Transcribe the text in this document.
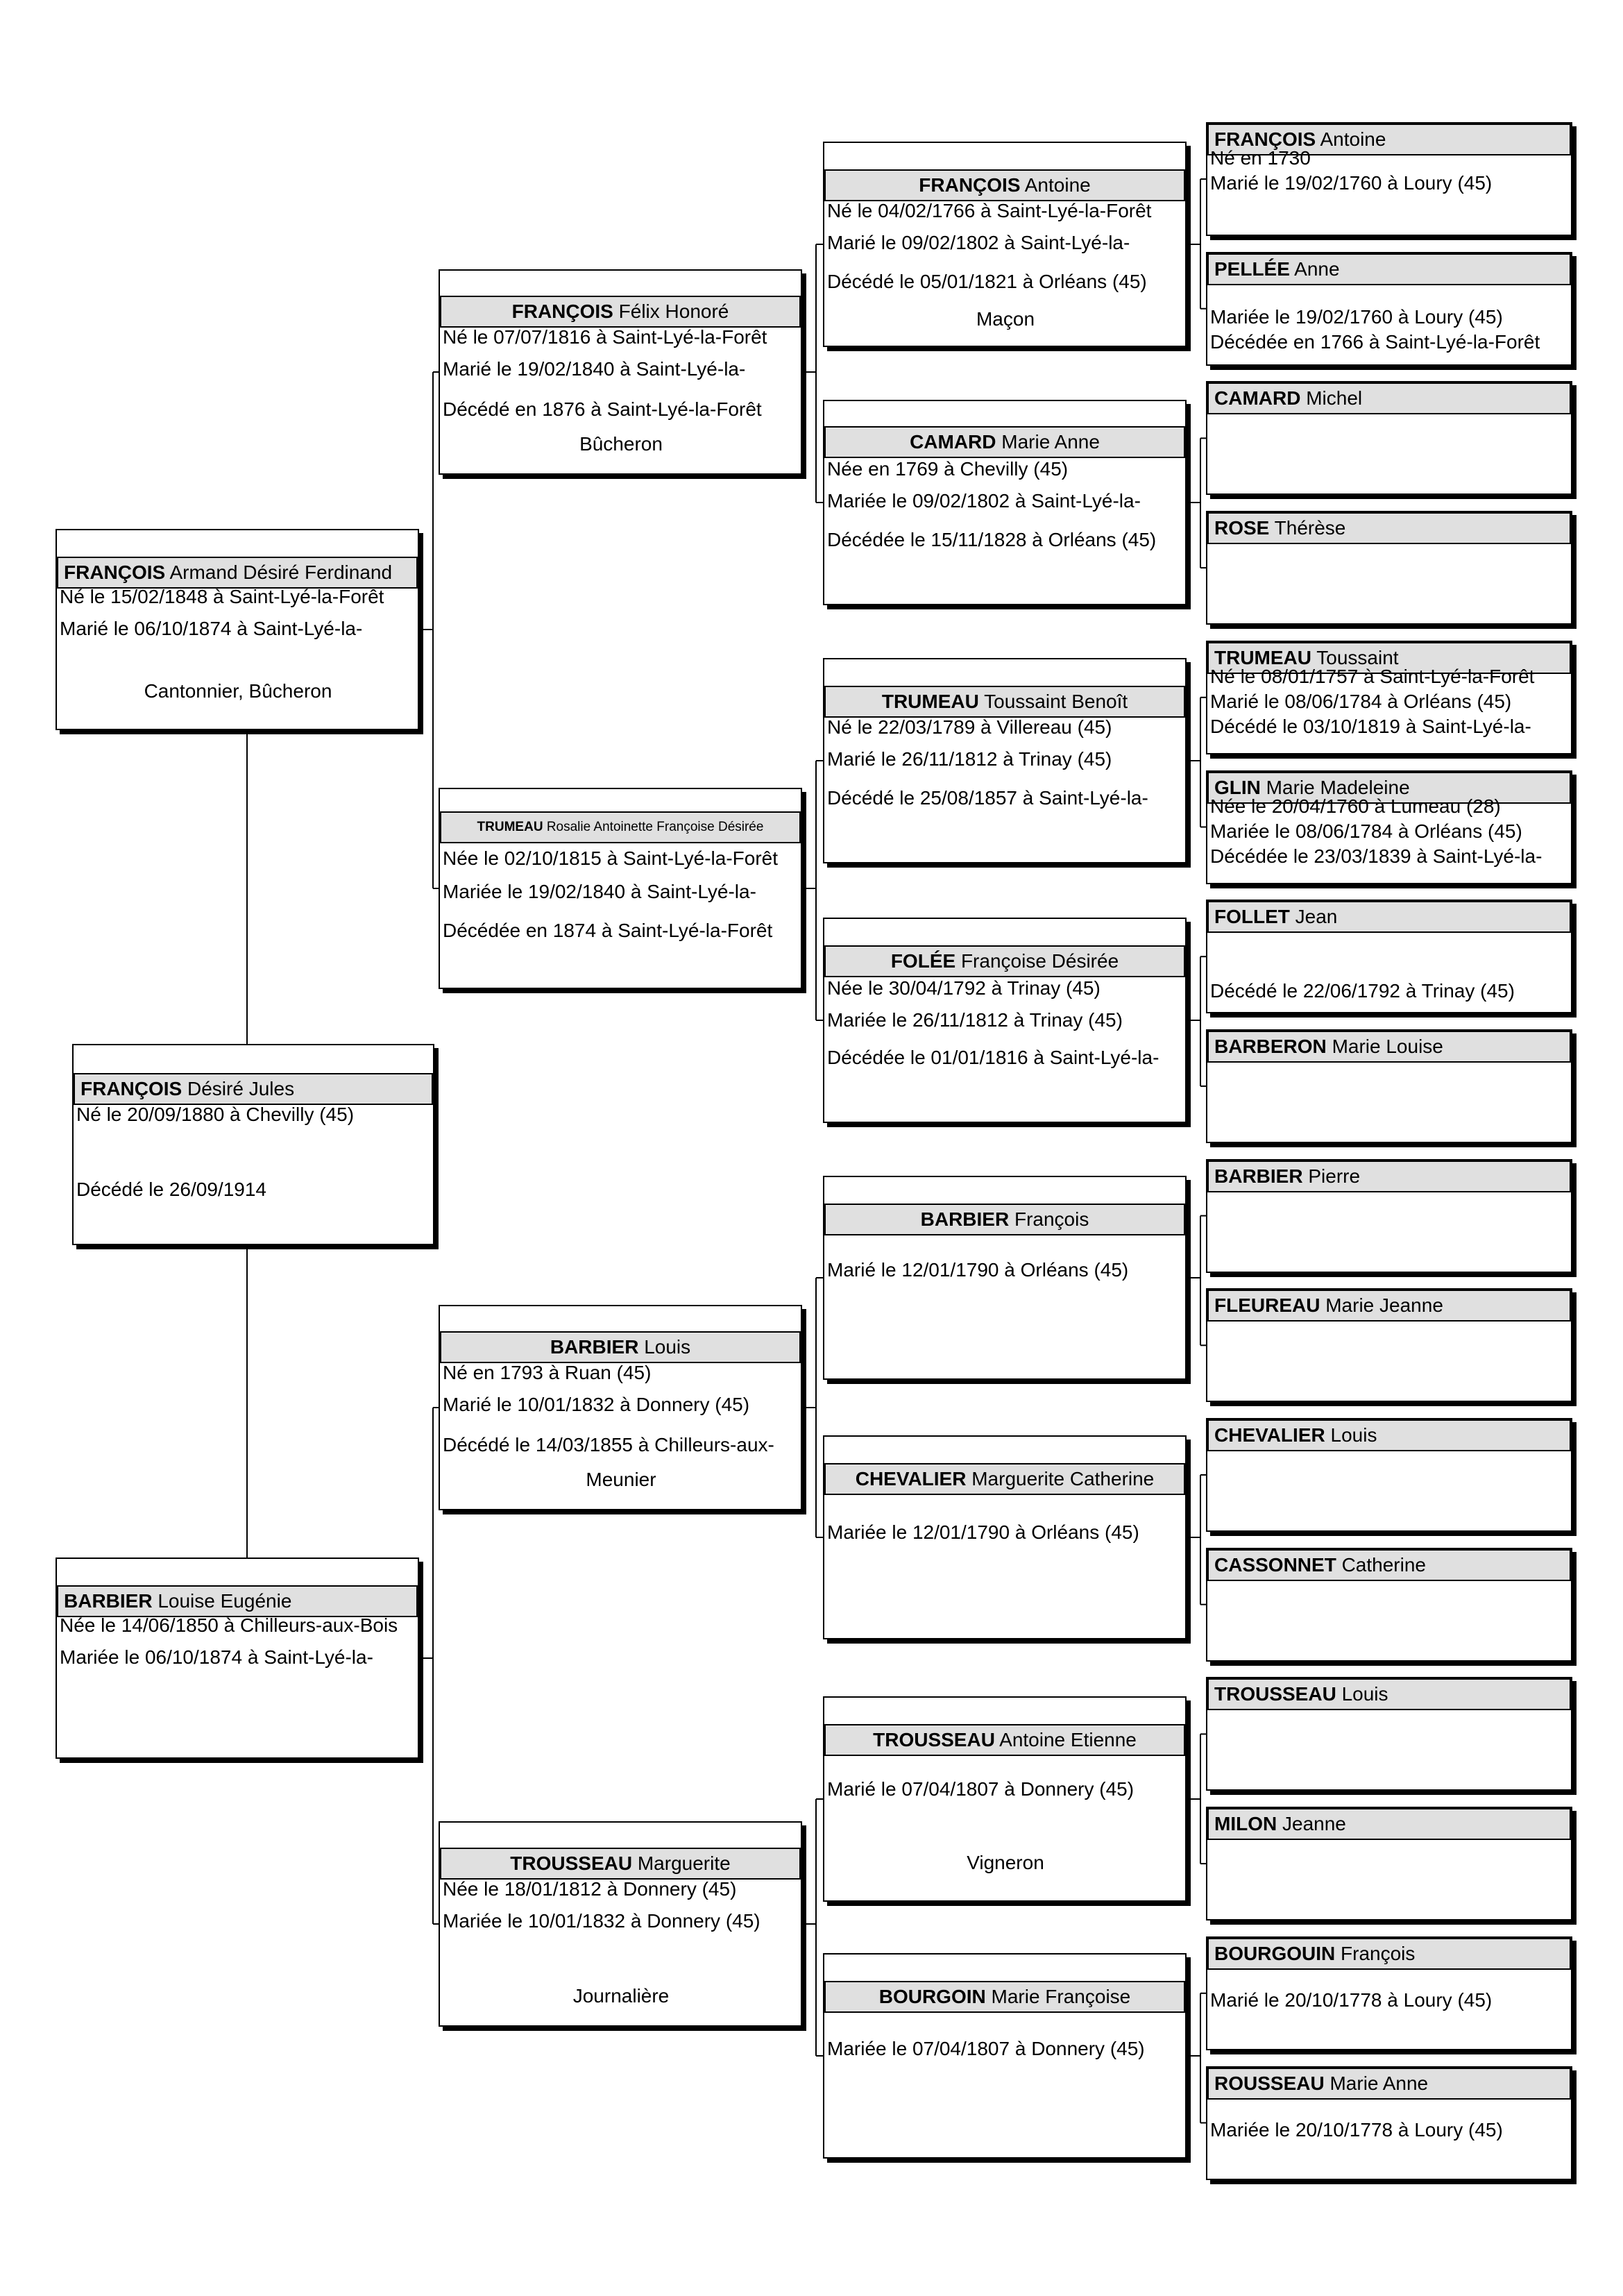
FRANÇOIS Armand Désiré Ferdinand
Né le 15/02/1848 à Saint-Lyé-la-Forêt
Marié le 06/10/1874 à Saint-Lyé-la-
Cantonnier, Bûcheron
FRANÇOIS Désiré Jules
Né le 20/09/1880 à Chevilly (45)
Décédé le 26/09/1914
BARBIER Louise Eugénie
Née le 14/06/1850 à Chilleurs-aux-Bois
Mariée le 06/10/1874 à Saint-Lyé-la-
FRANÇOIS Félix Honoré
Né le 07/07/1816 à Saint-Lyé-la-Forêt
Marié le 19/02/1840 à Saint-Lyé-la-
Décédé en 1876 à Saint-Lyé-la-Forêt
Bûcheron
TRUMEAU Rosalie Antoinette Françoise Désirée
Née le 02/10/1815 à Saint-Lyé-la-Forêt
Mariée le 19/02/1840 à Saint-Lyé-la-
Décédée en 1874 à Saint-Lyé-la-Forêt
BARBIER Louis
Né en 1793 à Ruan (45)
Marié le 10/01/1832 à Donnery (45)
Décédé le 14/03/1855 à Chilleurs-aux-
Meunier
TROUSSEAU Marguerite
Née le 18/01/1812 à Donnery (45)
Mariée le 10/01/1832 à Donnery (45)
Journalière
FRANÇOIS Antoine
Né le 04/02/1766 à Saint-Lyé-la-Forêt
Marié le 09/02/1802 à Saint-Lyé-la-
Décédé le 05/01/1821 à Orléans (45)
Maçon
CAMARD Marie Anne
Née en 1769 à Chevilly (45)
Mariée le 09/02/1802 à Saint-Lyé-la-
Décédée le 15/11/1828 à Orléans (45)
TRUMEAU Toussaint Benoît
Né le 22/03/1789 à Villereau (45)
Marié le 26/11/1812 à Trinay (45)
Décédé le 25/08/1857 à Saint-Lyé-la-
FOLÉE Françoise Désirée
Née le 30/04/1792 à Trinay (45)
Mariée le 26/11/1812 à Trinay (45)
Décédée le 01/01/1816 à Saint-Lyé-la-
BARBIER François
Marié le 12/01/1790 à Orléans (45)
CHEVALIER Marguerite Catherine
Mariée le 12/01/1790 à Orléans (45)
TROUSSEAU Antoine Etienne
Marié le 07/04/1807 à Donnery (45)
Vigneron
BOURGOIN Marie Françoise
Mariée le 07/04/1807 à Donnery (45)
FRANÇOIS Antoine
Né en 1730
Marié le 19/02/1760 à Loury (45)
PELLÉE Anne
Mariée le 19/02/1760 à Loury (45)
Décédée en 1766 à Saint-Lyé-la-Forêt
CAMARD Michel
ROSE Thérèse
TRUMEAU Toussaint
Né le 08/01/1757 à Saint-Lyé-la-Forêt
Marié le 08/06/1784 à Orléans (45)
Décédé le 03/10/1819 à Saint-Lyé-la-
GLIN Marie Madeleine
Née le 20/04/1760 à Lumeau (28)
Mariée le 08/06/1784 à Orléans (45)
Décédée le 23/03/1839 à Saint-Lyé-la-
FOLLET Jean
Décédé le 22/06/1792 à Trinay (45)
BARBERON Marie Louise
BARBIER Pierre
FLEUREAU Marie Jeanne
CHEVALIER Louis
CASSONNET Catherine
TROUSSEAU Louis
MILON Jeanne
BOURGOUIN François
Marié le 20/10/1778 à Loury (45)
ROUSSEAU Marie Anne
Mariée le 20/10/1778 à Loury (45)
